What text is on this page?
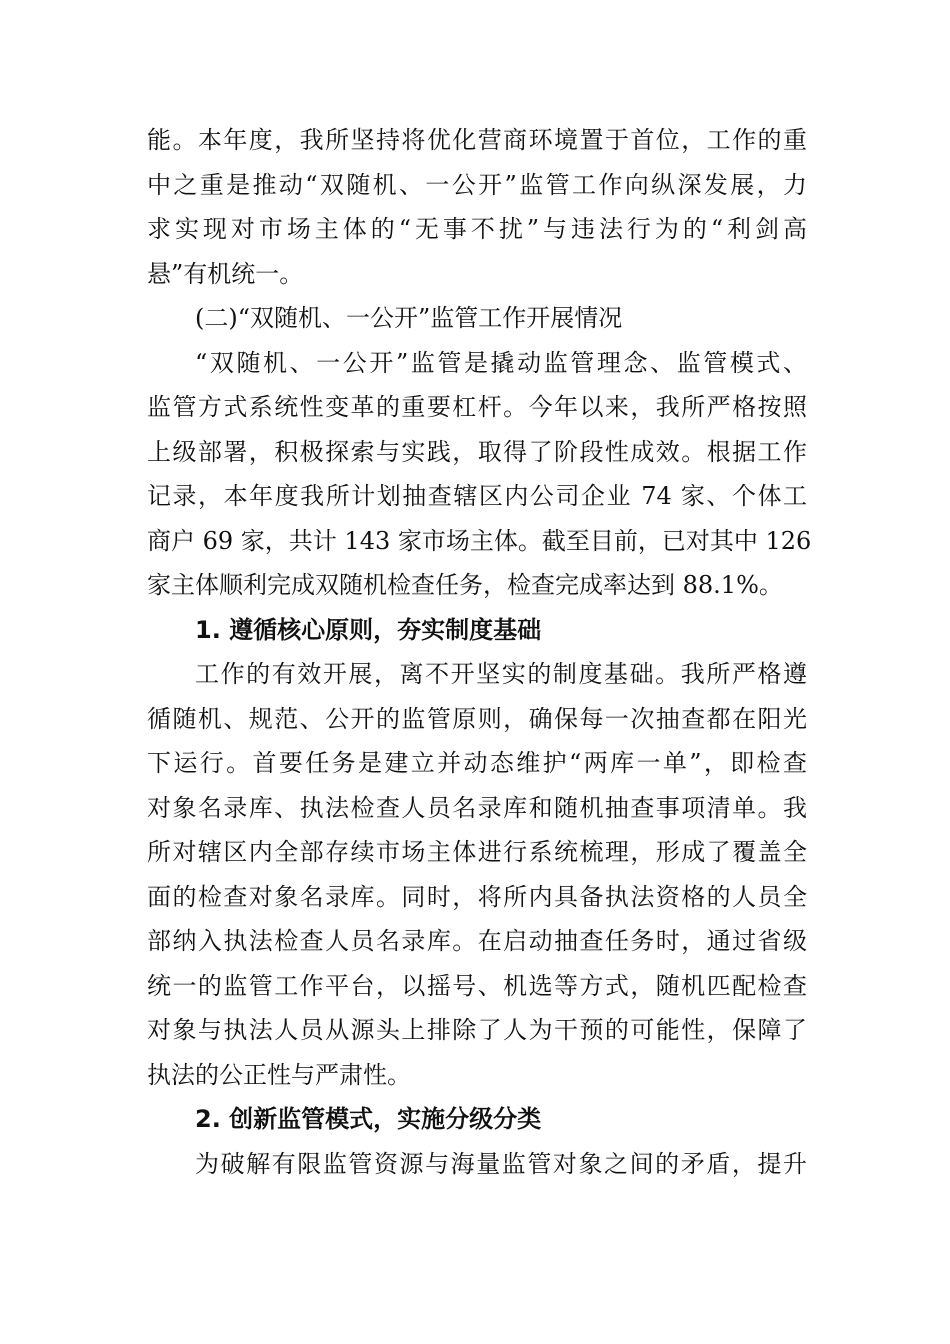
能。本年度，我所坚持将优化营商环境置于首位，工作的重
中之重是推动“双随机、一公开”监管工作向纵深发展，力
求实现对市场主体的“无事不扰”与违法行为的“利剑高
悬”有机统一。
(二)“双随机、一公开”监管工作开展情况
“双随机、一公开”监管是撬动监管理念、监管模式、
监管方式系统性变革的重要杠杆。今年以来，我所严格按照
上级部署，积极探索与实践，取得了阶段性成效。根据工作
记录，本年度我所计划抽查辖区内公司企业 74 家、个体工
商户 69 家，共计 143 家市场主体。截至目前，已对其中 126
家主体顺利完成双随机检查任务，检查完成率达到 88.1%。
1. 遵循核心原则，夯实制度基础
工作的有效开展，离不开坚实的制度基础。我所严格遵
循随机、规范、公开的监管原则，确保每一次抽查都在阳光
下运行。首要任务是建立并动态维护“两库一单”，即检查
对象名录库、执法检查人员名录库和随机抽查事项清单。我
所对辖区内全部存续市场主体进行系统梳理，形成了覆盖全
面的检查对象名录库。同时，将所内具备执法资格的人员全
部纳入执法检查人员名录库。在启动抽查任务时，通过省级
统一的监管工作平台，以摇号、机选等方式，随机匹配检查
对象与执法人员从源头上排除了人为干预的可能性，保障了
执法的公正性与严肃性。
2. 创新监管模式，实施分级分类
为破解有限监管资源与海量监管对象之间的矛盾，提升
